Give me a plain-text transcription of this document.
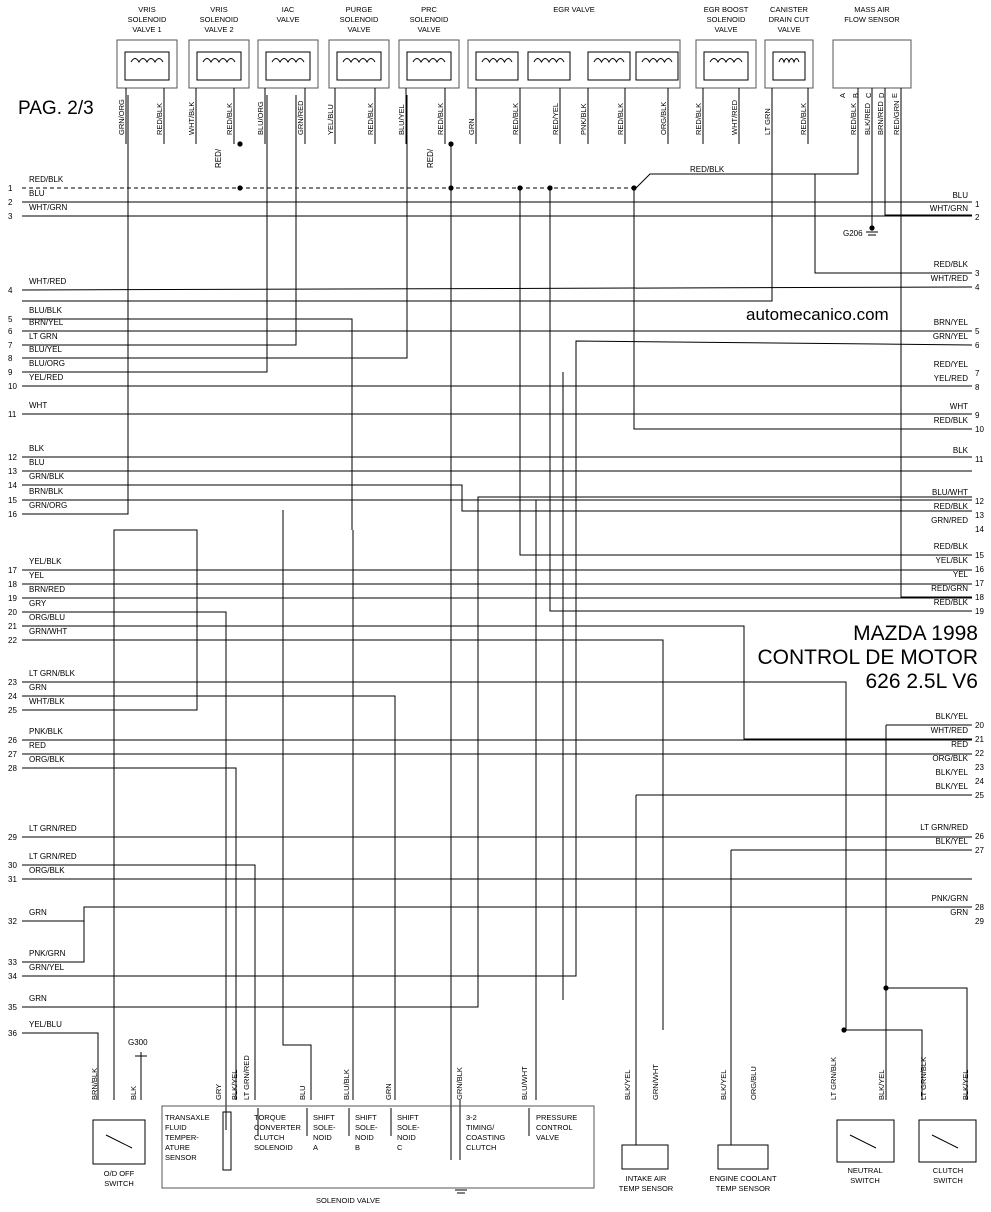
PAG. 2/3
automecanico.com
MAZDA 1998
CONTROL DE MOTOR
626 2.5L V6
RED/	RED/
RED/BLK
G206
G300
1
RED/BLK
2
BLU
3
WHT/GRN
4
WHT/RED
5
BLU/BLK
6
BRN/YEL
7
LT GRN
8
BLU/YEL
9
BLU/ORG
10
YEL/RED
11
WHT
12
BLK
13
BLU
14
GRN/BLK
15
BRN/BLK
16
GRN/ORG
17
YEL/BLK
18
YEL
19
BRN/RED
20
GRY
21
ORG/BLU
22
GRN/WHT
23
LT GRN/BLK
24
GRN
25
WHT/BLK
26
PNK/BLK
27
RED
28
ORG/BLK
29
LT GRN/RED
30
LT GRN/RED
31
ORG/BLK
32
GRN
33
PNK/GRN
34
GRN/YEL
35
GRN
36
YEL/BLU
1
BLU
2
WHT/GRN
3
RED/BLK
4
WHT/RED
5
BRN/YEL
6
GRN/YEL
7
RED/YEL
8
YEL/RED
9
WHT
10
RED/BLK
11
BLK
12
BLU/WHT
13
RED/BLK
14
GRN/RED
15
RED/BLK
16
YEL/BLK
17
YEL
18
RED/GRN
19
RED/BLK
20
BLK/YEL
21
WHT/RED
22
RED
23
ORG/BLK
24
BLK/YEL
25
BLK/YEL
26
LT GRN/RED
27
BLK/YEL
28
PNK/GRN
29
GRN
VRIS
SOLENOID
VALVE 1
GRN/ORG	RED/BLK
VRIS
SOLENOID
VALVE 2
WHT/BLK	RED/BLK
IAC
VALVE
BLU/ORG	GRN/RED
PURGE
SOLENOID
VALVE
YEL/BLU	RED/BLK
PRC
SOLENOID
VALVE
BLU/YEL	RED/BLK
EGR VALVE
GRN	RED/BLK	RED/YEL	PNK/BLK	RED/BLK	ORG/BLK
EGR BOOST
SOLENOID
VALVE
RED/BLK	WHT/RED
CANISTER
DRAIN CUT
VALVE
LT GRN	RED/BLK
MASS AIR
FLOW SENSOR
RED/BLK BLK/RED BRN/RED RED/GRN
A B C D E
BRN/BLK	BLK	GRY BLK/YEL LT GRN/RED	BLU	BLU/BLK	GRN	GRN/BLK	BLU/WHT	BLK/YEL	GRN/WHT	BLK/YEL	ORG/BLU	LT GRN/BLK	BLK/YEL	LT GRN/BLK	BLK/YEL
O/D OFF
SWITCH
SOLENOID VALVE
TRANSAXLE
FLUID
TEMPER-
ATURE
SENSOR
TORQUE
CONVERTER
CLUTCH
SOLENOID
SHIFT
SOLE-
NOID
A
SHIFT
SOLE-
NOID
B
SHIFT
SOLE-
NOID
C
3-2
TIMING/
COASTING
CLUTCH
PRESSURE
CONTROL
VALVE
INTAKE AIR
TEMP SENSOR
ENGINE COOLANT
TEMP SENSOR
NEUTRAL
SWITCH
CLUTCH
SWITCH
